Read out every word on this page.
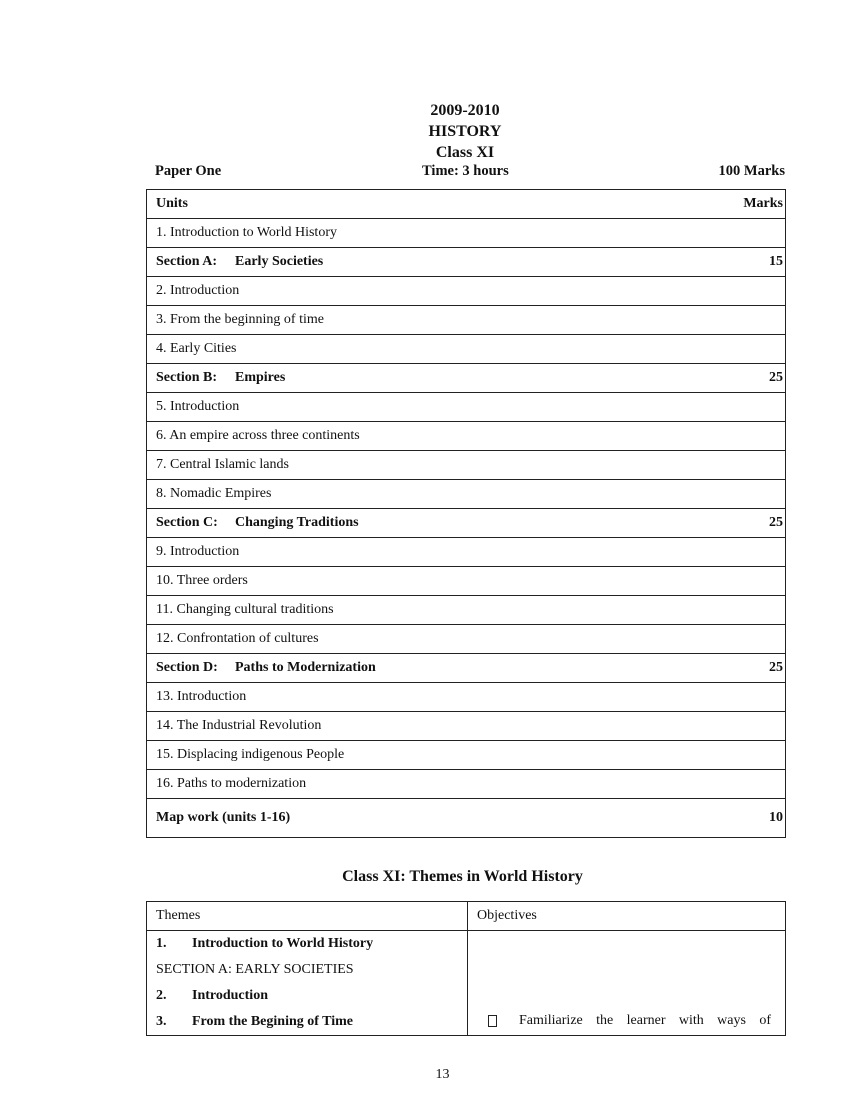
2009-2010
HISTORY
Class XI
Paper One	Time: 3 hours	100 Marks
Units	Marks

1. Introduction to World History

Section A: Early Societies	15

2. Introduction

3. From the beginning of time

4. Early Cities

Section B: Empires	25

5. Introduction

6. An empire across three continents

7. Central Islamic lands

8. Nomadic Empires

Section C: Changing Traditions	25

9. Introduction

10. Three orders

11. Changing cultural traditions

12. Confrontation of cultures

Section D: Paths to Modernization	25

13. Introduction

14. The Industrial Revolution

15. Displacing indigenous People

16. Paths to modernization

Map work (units 1-16)	10
Class XI: Themes in World History
Themes	Objectives

1. Introduction to World History
SECTION A: EARLY SOCIETIES
2. Introduction
3. From the Begining of Time	Familiarize the learner with ways of
13
